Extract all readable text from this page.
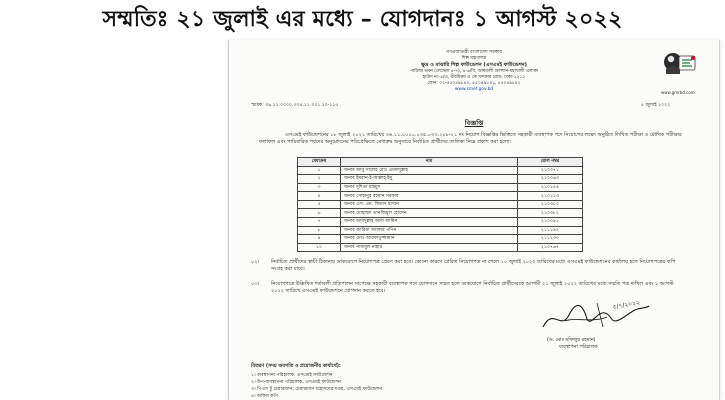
সম্মতিঃ ২১ জুলাই এর মধ্যে – যোগদানঃ ১ আগস্ট ২০২২
গণপ্রজাতন্ত্রী বাংলাদেশ সরকার
শিল্প মন্ত্রণালয়
ক্ষুদ্র ও মাঝারি শিল্প ফাউন্ডেশন (এসএমই ফাউন্ডেশন)
পারিজা ভবন (লেভেল ৫-৭), ৪-৬/বি, আমতলী গুলশান-মহাখালী এলাকা
হাউস নং-৪/এ, বীরউত্তম এ কে খন্দকার রোড, ঢাকা-১২১২
ফোন: ০২-৫৫০৪৯৮৪০, ৫৫০৪৯৮৪১, ৫৫০৪৯৮৪২
www.smef.gov.bd
www.gmrbd.com
স্মারক: ৩৬.১১.০০০০.০৩৫.১১.০০১.২০-১১৫	৫ জুলাই ২০২২
বিজ্ঞপ্তি
এসএমই ফাউন্ডেশনের ১৮ জুলাই ২০২১ তারিখের ৩৬.১১.০০০০.০৩৫.০৩৩.২০৮-২১ নং নিয়োগ বিজ্ঞপ্তির ভিত্তিতে সহকারী ব্যবস্থাপক পদে নিয়োগের লক্ষ্যে অনুষ্ঠিত লিখিত পরীক্ষা ও মৌখিক পরীক্ষার ফলাফল এবং পারিবারিক পর্ষদের অনুমোদনের পরিপ্রেক্ষিতে মেধাক্রম অনুসারে নির্বাচিত প্রার্থীদের তালিকা নিম্নে প্রকাশ করা হলো:
মেধাক্রম	নাম	রোল নম্বর
১	জনাব আবু সালেহ মোঃ এমদাদুল্লাহ	২১০৩৭১
২	জনাব ইমরান-ই-আল্লাহ ইমু	২১০০৬৩
৩	জনাব দুশিতা মাহমুদ	২১০১৫৪
৪	জনাব সোহানুর রহমান সরকার	২১০১১৩
৫	জনাব এস. এম. জিয়াদ হাসান	২১০৩৮০
৬	জনাব মোহাম্মদ তানজিমুল হোসেন	২১০৩৮২
৭	জনাব আবদুল্লাহ আল আমিন	২১০০৯১
৮	জনাব জারিয়া আক্তার পপিন	২১১১৯২
৯	জনাব মোঃ আরফাতুজ্জামান	২১১২৩০
১০	জনাব নাজমুল নাহার	২১০৭৬৭
০২। নির্বাচিত প্রার্থীদের স্থায়ী ঠিকানায় ডাকযোগে নিয়োগপত্র প্রেরণ করা হবে। কোনো কারণে প্রেরিত নিয়োগপত্র না পেলে ১০ জুলাই ২০২২ তারিখের মধ্যে এসএমই ফাউন্ডেশনের কার্যালয় হতে নিয়োগপত্রের কপি সংগ্রহ করা যাবে।
০৩। নিয়োগপত্রে উল্লিখিত শর্তাবলী প্রতিপালন সাপেক্ষে সহকারী ব্যবস্থাপক পদে যোগদানে সম্মত হলে ডাকযোগে নির্বাচিত প্রার্থীদেরকে আগামী ২১ জুলাই ২০২২ তারিখের মধ্যে সম্মতি পত্র দাখিল এবং ১ আগস্ট ২০২২ তারিখে এসএমই ফাউন্ডেশনে যোগদান করতে হবে।
৫/৭/২০২২
(ড. মোঃ মফিজুর রহমান)
ব্যবস্থাপনা পরিচালক
বিতরণ (সদয় অবগতি ও প্রয়োজনীয় কার্যার্থে):
১। ব্যবস্থাপনা পরিচালক, এসএমই ফাউন্ডেশন
২। উপ-ব্যবস্থাপনা পরিচালক, এসএমই ফাউন্ডেশন
৩। পিএস টু চেয়ারম্যান, চেয়ারম্যান মহোদয়ের দপ্তর, এসএমই ফাউন্ডেশন
৪। অফিস কপি
